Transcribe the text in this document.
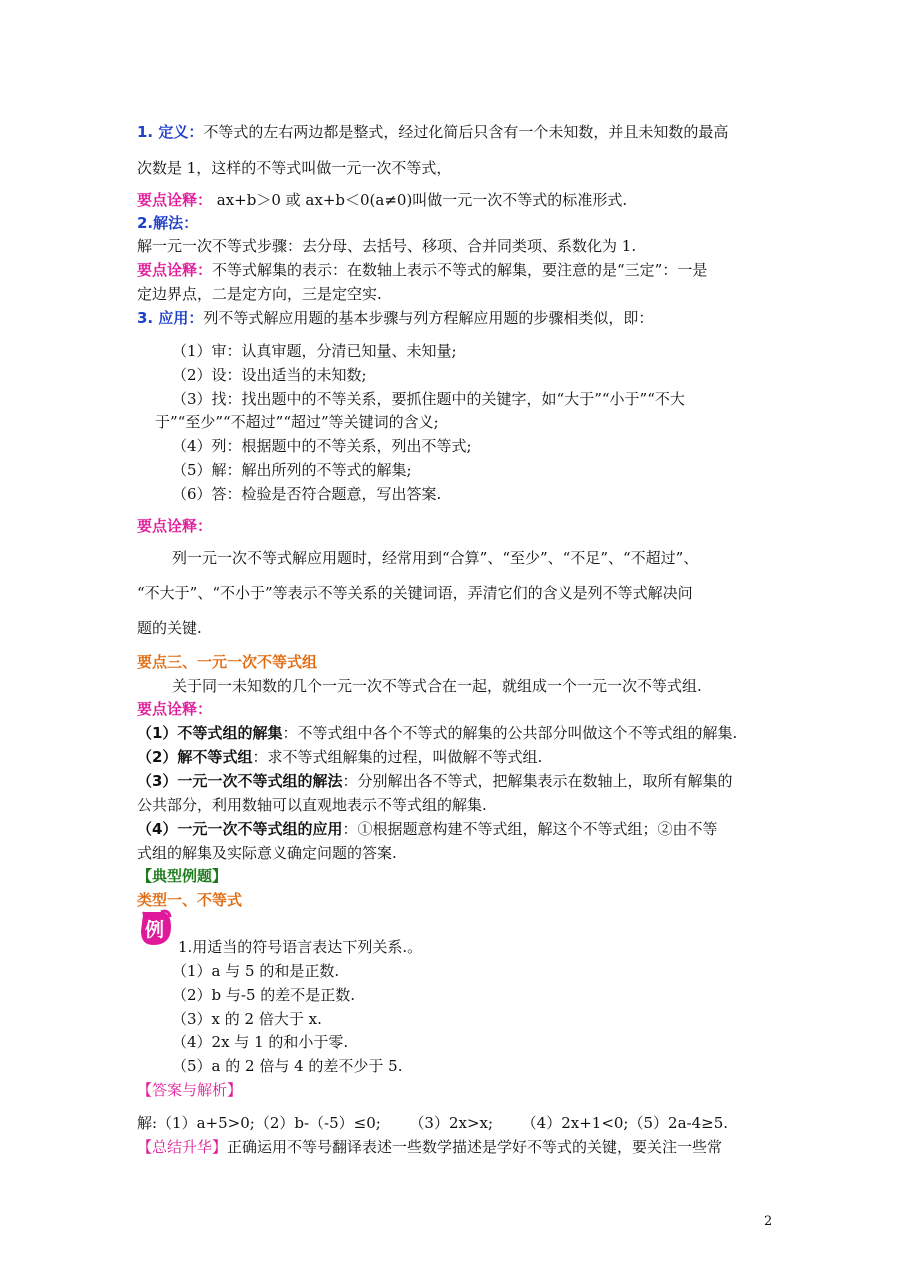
1. 定义：不等式的左右两边都是整式，经过化简后只含有一个未知数，并且未知数的最高
次数是 1，这样的不等式叫做一元一次不等式，
要点诠释： ax+b＞0 或 ax+b＜0(a≠0)叫做一元一次不等式的标准形式.
2.解法：
解一元一次不等式步骤：去分母、去括号、移项、合并同类项、系数化为 1.
要点诠释：不等式解集的表示：在数轴上表示不等式的解集，要注意的是“三定”：一是
定边界点，二是定方向，三是定空实.
3. 应用：列不等式解应用题的基本步骤与列方程解应用题的步骤相类似，即：
（1）审：认真审题，分清已知量、未知量;
（2）设：设出适当的未知数;
（3）找：找出题中的不等关系，要抓住题中的关键字，如“大于”“小于”“不大
于”“至少”“不超过”“超过”等关键词的含义;
（4）列：根据题中的不等关系，列出不等式;
（5）解：解出所列的不等式的解集;
（6）答：检验是否符合题意，写出答案.
要点诠释：
列一元一次不等式解应用题时，经常用到“合算”、“至少”、“不足”、“不超过”、
“不大于”、“不小于”等表示不等关系的关键词语，弄清它们的含义是列不等式解决问
题的关键.
要点三、一元一次不等式组
关于同一未知数的几个一元一次不等式合在一起，就组成一个一元一次不等式组.
要点诠释：
（1）不等式组的解集：不等式组中各个不等式的解集的公共部分叫做这个不等式组的解集.
（2）解不等式组：求不等式组解集的过程，叫做解不等式组.
（3）一元一次不等式组的解法：分别解出各不等式，把解集表示在数轴上，取所有解集的
公共部分，利用数轴可以直观地表示不等式组的解集.
（4）一元一次不等式组的应用：①根据题意构建不等式组，解这个不等式组；②由不等
式组的解集及实际意义确定问题的答案.
【典型例题】
类型一、不等式
例
1.用适当的符号语言表达下列关系.。
（1）a 与 5 的和是正数.
（2）b 与-5 的差不是正数.
（3）x 的 2 倍大于 x.
（4）2x 与 1 的和小于零.
（5）a 的 2 倍与 4 的差不少于 5.
【答案与解析】
解:（1）a+5>0;（2）b-（-5）≤0;      （3）2x>x;      （4）2x+1<0;（5）2a-4≥5.
【总结升华】正确运用不等号翻译表述一些数学描述是学好不等式的关键，要关注一些常
2
